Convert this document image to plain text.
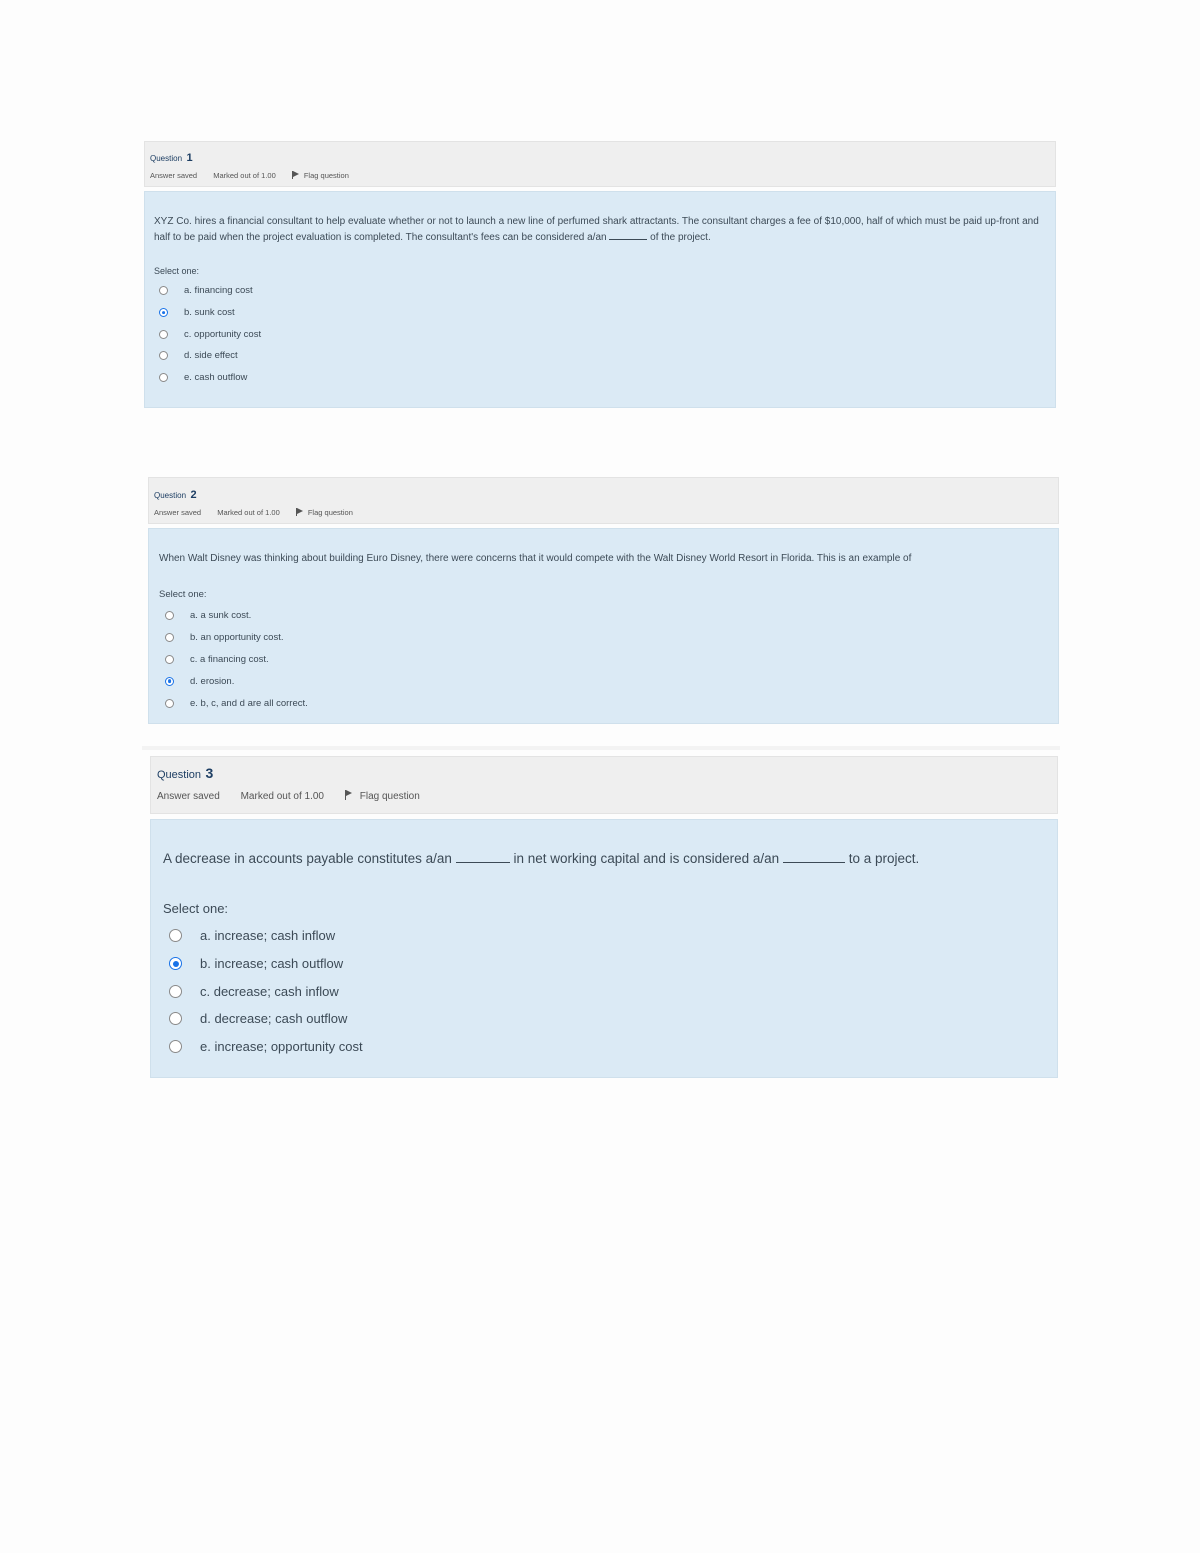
Question 1
Answer saved Marked out of 1.00	Flag question

XYZ Co. hires a financial consultant to help evaluate whether or not to launch a new line of perfumed shark attractants. The consultant charges a fee of $10,000, half of which must be paid up-front and half to be paid when the project evaluation is completed. The consultant's fees can be considered a/an	of the project.

Select one:
a. financing cost
b. sunk cost
c. opportunity cost
d. side effect
e. cash outflow
Question 2
Answer saved Marked out of 1.00	Flag question

When Walt Disney was thinking about building Euro Disney, there were concerns that it would compete with the Walt Disney World Resort in Florida. This is an example of

Select one:
a. a sunk cost.
b. an opportunity cost.
c. a financing cost.
d. erosion.
e. b, c, and d are all correct.
Question 3
Answer saved Marked out of 1.00	Flag question

A decrease in accounts payable constitutes a/an	in net working capital and is considered a/an	to a project.

Select one:
a. increase; cash inflow
b. increase; cash outflow
c. decrease; cash inflow
d. decrease; cash outflow
e. increase; opportunity cost
